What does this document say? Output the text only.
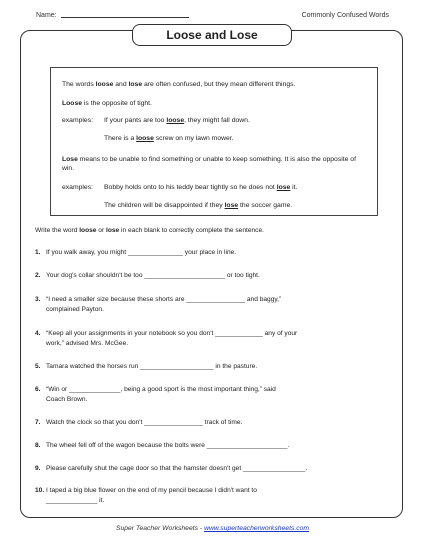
Name:	Commonly Confused Words
Loose and Lose

The words loose and lose are often confused, but they mean different things.

Loose is the opposite of tight.

examples:	If your pants are too loose, they might fall down.
There is a loose screw on my lawn mower.

Lose means to be unable to find something or unable to keep something. It is also the opposite of win.

examples:	Bobby holds onto to his teddy bear tightly so he does not lose it.
The children will be disappointed if they lose the soccer game.
Write the word loose or lose in each blank to correctly complete the sentence.
1. If you walk away, you might _______________ your place in line.
2. Your dog's collar shouldn't be too ______________________ or too tight.
3. “I need a smaller size because these shorts are ________________ and baggy,”
complained Payton.
4. “Keep all your assignments in your notebook so you don't _____________ any of your
work,” advised Mrs. McGee.
5. Tamara watched the horses run ____________________ in the pasture.
6. “Win or ______________, being a good sport is the most important thing,” said
Coach Brown.
7. Watch the clock so that you don't ________________ track of time.
8. The wheel fell off of the wagon because the bolts were ______________________.
9. Please carefully shut the cage door so that the hamster doesn't get _________________.
10. I taped a big blue flower on the end of my pencil because I didn't want to
______________ it.
Super Teacher Worksheets - www.superteacherworksheets.com
